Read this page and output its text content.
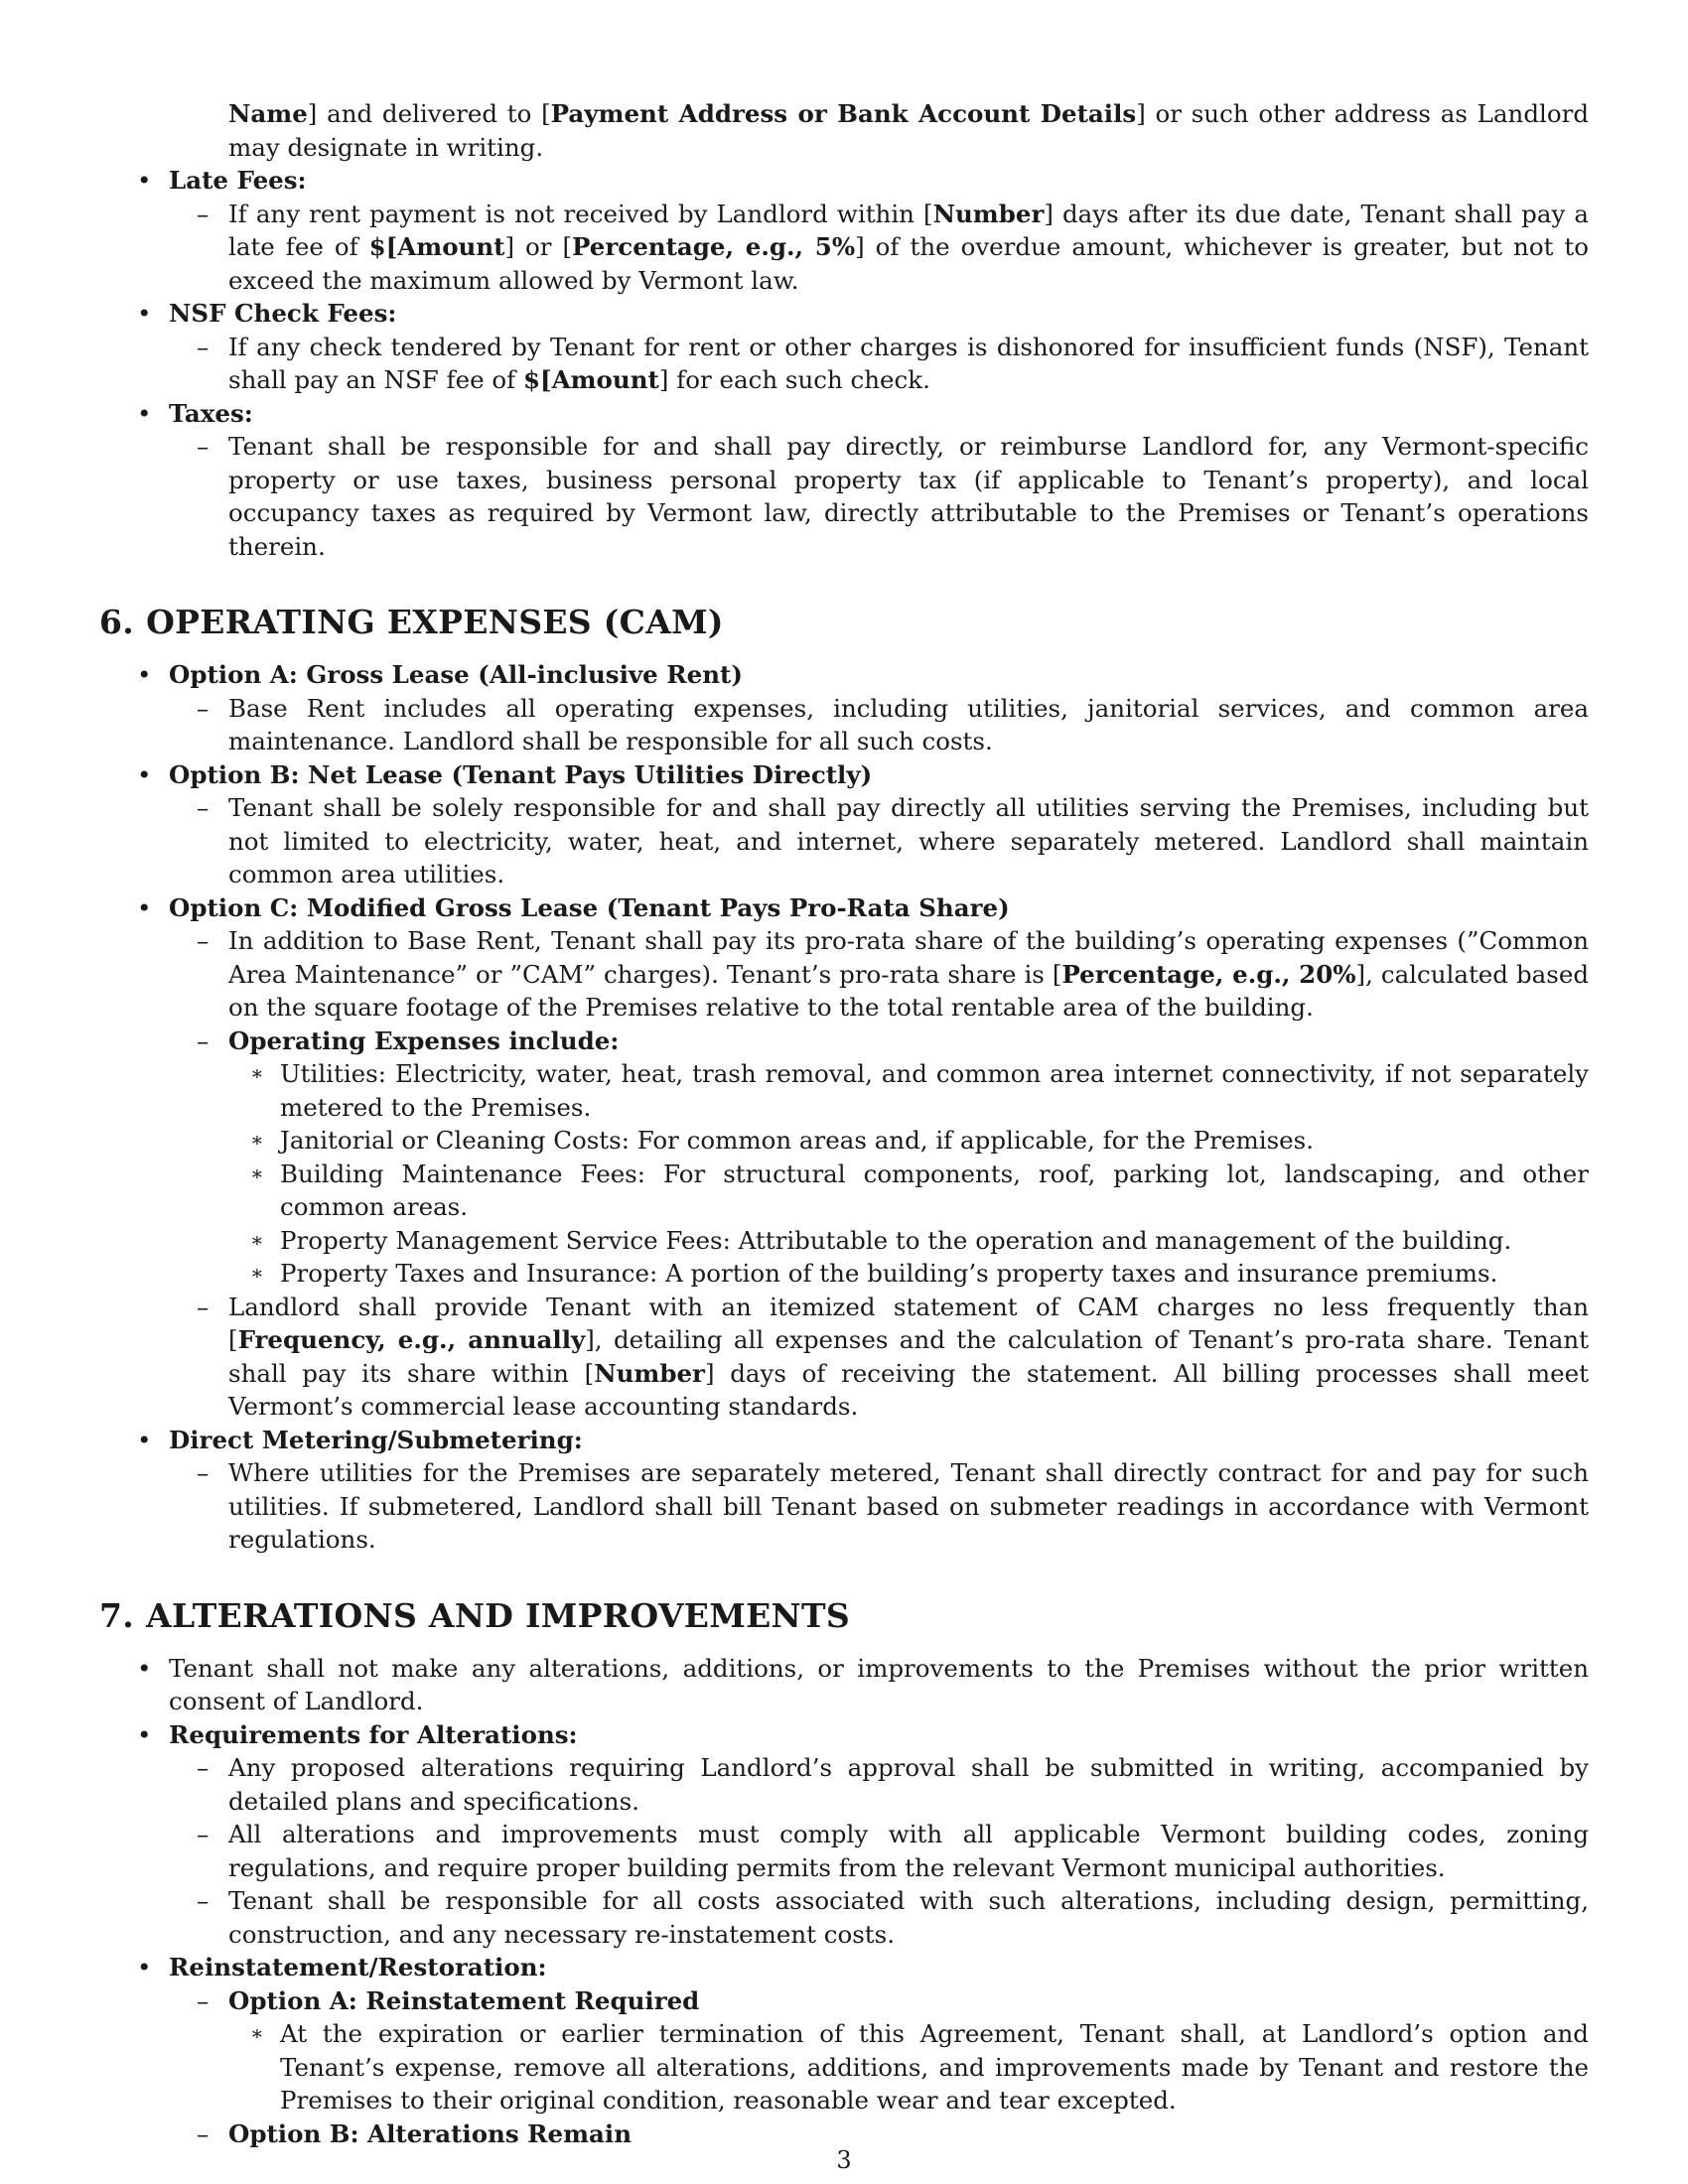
Name] and delivered to [Payment Address or Bank Account Details] or such other address as Landlord may designate in writing.
• Late Fees:
– If any rent payment is not received by Landlord within [Number] days after its due date, Tenant shall pay a late fee of $[Amount] or [Percentage, e.g., 5%] of the overdue amount, whichever is greater, but not to exceed the maximum allowed by Vermont law.
• NSF Check Fees:
– If any check tendered by Tenant for rent or other charges is dishonored for insufficient funds (NSF), Tenant shall pay an NSF fee of $[Amount] for each such check.
• Taxes:
– Tenant shall be responsible for and shall pay directly, or reimburse Landlord for, any Vermont-specific property or use taxes, business personal property tax (if applicable to Tenant’s property), and local occupancy taxes as required by Vermont law, directly attributable to the Premises or Tenant’s operations therein.
6. OPERATING EXPENSES (CAM)
• Option A: Gross Lease (All-inclusive Rent)
– Base Rent includes all operating expenses, including utilities, janitorial services, and common area maintenance. Landlord shall be responsible for all such costs.
• Option B: Net Lease (Tenant Pays Utilities Directly)
– Tenant shall be solely responsible for and shall pay directly all utilities serving the Premises, including but not limited to electricity, water, heat, and internet, where separately metered. Landlord shall maintain common area utilities.
• Option C: Modified Gross Lease (Tenant Pays Pro-Rata Share)
– In addition to Base Rent, Tenant shall pay its pro-rata share of the building’s operating expenses (”Common Area Maintenance” or ”CAM” charges). Tenant’s pro-rata share is [Percentage, e.g., 20%], calculated based on the square footage of the Premises relative to the total rentable area of the building.
– Operating Expenses include:
∗ Utilities: Electricity, water, heat, trash removal, and common area internet connectivity, if not separately metered to the Premises.
∗ Janitorial or Cleaning Costs: For common areas and, if applicable, for the Premises.
∗ Building Maintenance Fees: For structural components, roof, parking lot, landscaping, and other common areas.
∗ Property Management Service Fees: Attributable to the operation and management of the building.
∗ Property Taxes and Insurance: A portion of the building’s property taxes and insurance premiums.
– Landlord shall provide Tenant with an itemized statement of CAM charges no less frequently than [Frequency, e.g., annually], detailing all expenses and the calculation of Tenant’s pro-rata share. Tenant shall pay its share within [Number] days of receiving the statement. All billing processes shall meet Vermont’s commercial lease accounting standards.
• Direct Metering/Submetering:
– Where utilities for the Premises are separately metered, Tenant shall directly contract for and pay for such utilities. If submetered, Landlord shall bill Tenant based on submeter readings in accordance with Vermont regulations.
7. ALTERATIONS AND IMPROVEMENTS
• Tenant shall not make any alterations, additions, or improvements to the Premises without the prior written consent of Landlord.
• Requirements for Alterations:
– Any proposed alterations requiring Landlord’s approval shall be submitted in writing, accompanied by detailed plans and specifications.
– All alterations and improvements must comply with all applicable Vermont building codes, zoning regulations, and require proper building permits from the relevant Vermont municipal authorities.
– Tenant shall be responsible for all costs associated with such alterations, including design, permitting, construction, and any necessary re-instatement costs.
• Reinstatement/Restoration:
– Option A: Reinstatement Required
∗ At the expiration or earlier termination of this Agreement, Tenant shall, at Landlord’s option and Tenant’s expense, remove all alterations, additions, and improvements made by Tenant and restore the Premises to their original condition, reasonable wear and tear excepted.
– Option B: Alterations Remain
3
